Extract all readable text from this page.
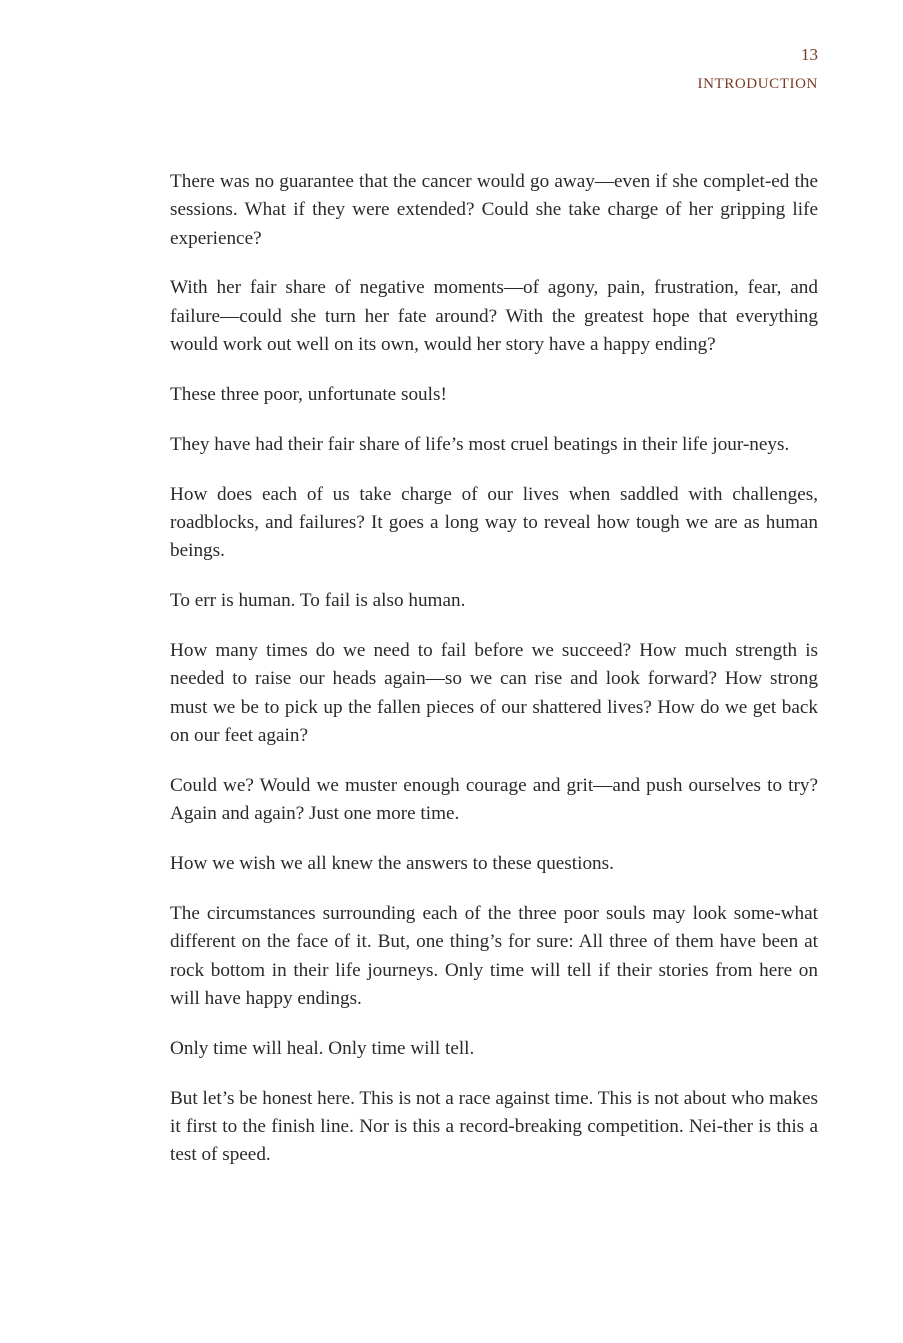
13
INTRODUCTION

There was no guarantee that the cancer would go away—even if she complet-ed the sessions. What if they were extended? Could she take charge of her gripping life experience?

With her fair share of negative moments—of agony, pain, frustration, fear, and failure—could she turn her fate around? With the greatest hope that everything would work out well on its own, would her story have a happy ending?

These three poor, unfortunate souls!

They have had their fair share of life’s most cruel beatings in their life jour-neys.

How does each of us take charge of our lives when saddled with challenges, roadblocks, and failures? It goes a long way to reveal how tough we are as human beings.

To err is human. To fail is also human.

How many times do we need to fail before we succeed? How much strength is needed to raise our heads again—so we can rise and look forward? How strong must we be to pick up the fallen pieces of our shattered lives? How do we get back on our feet again?

Could we? Would we muster enough courage and grit—and push ourselves to try? Again and again? Just one more time.

How we wish we all knew the answers to these questions.

The circumstances surrounding each of the three poor souls may look some-what different on the face of it. But, one thing’s for sure: All three of them have been at rock bottom in their life journeys. Only time will tell if their stories from here on will have happy endings.

Only time will heal. Only time will tell.

But let’s be honest here. This is not a race against time. This is not about who makes it first to the finish line. Nor is this a record-breaking competition. Nei-ther is this a test of speed.
